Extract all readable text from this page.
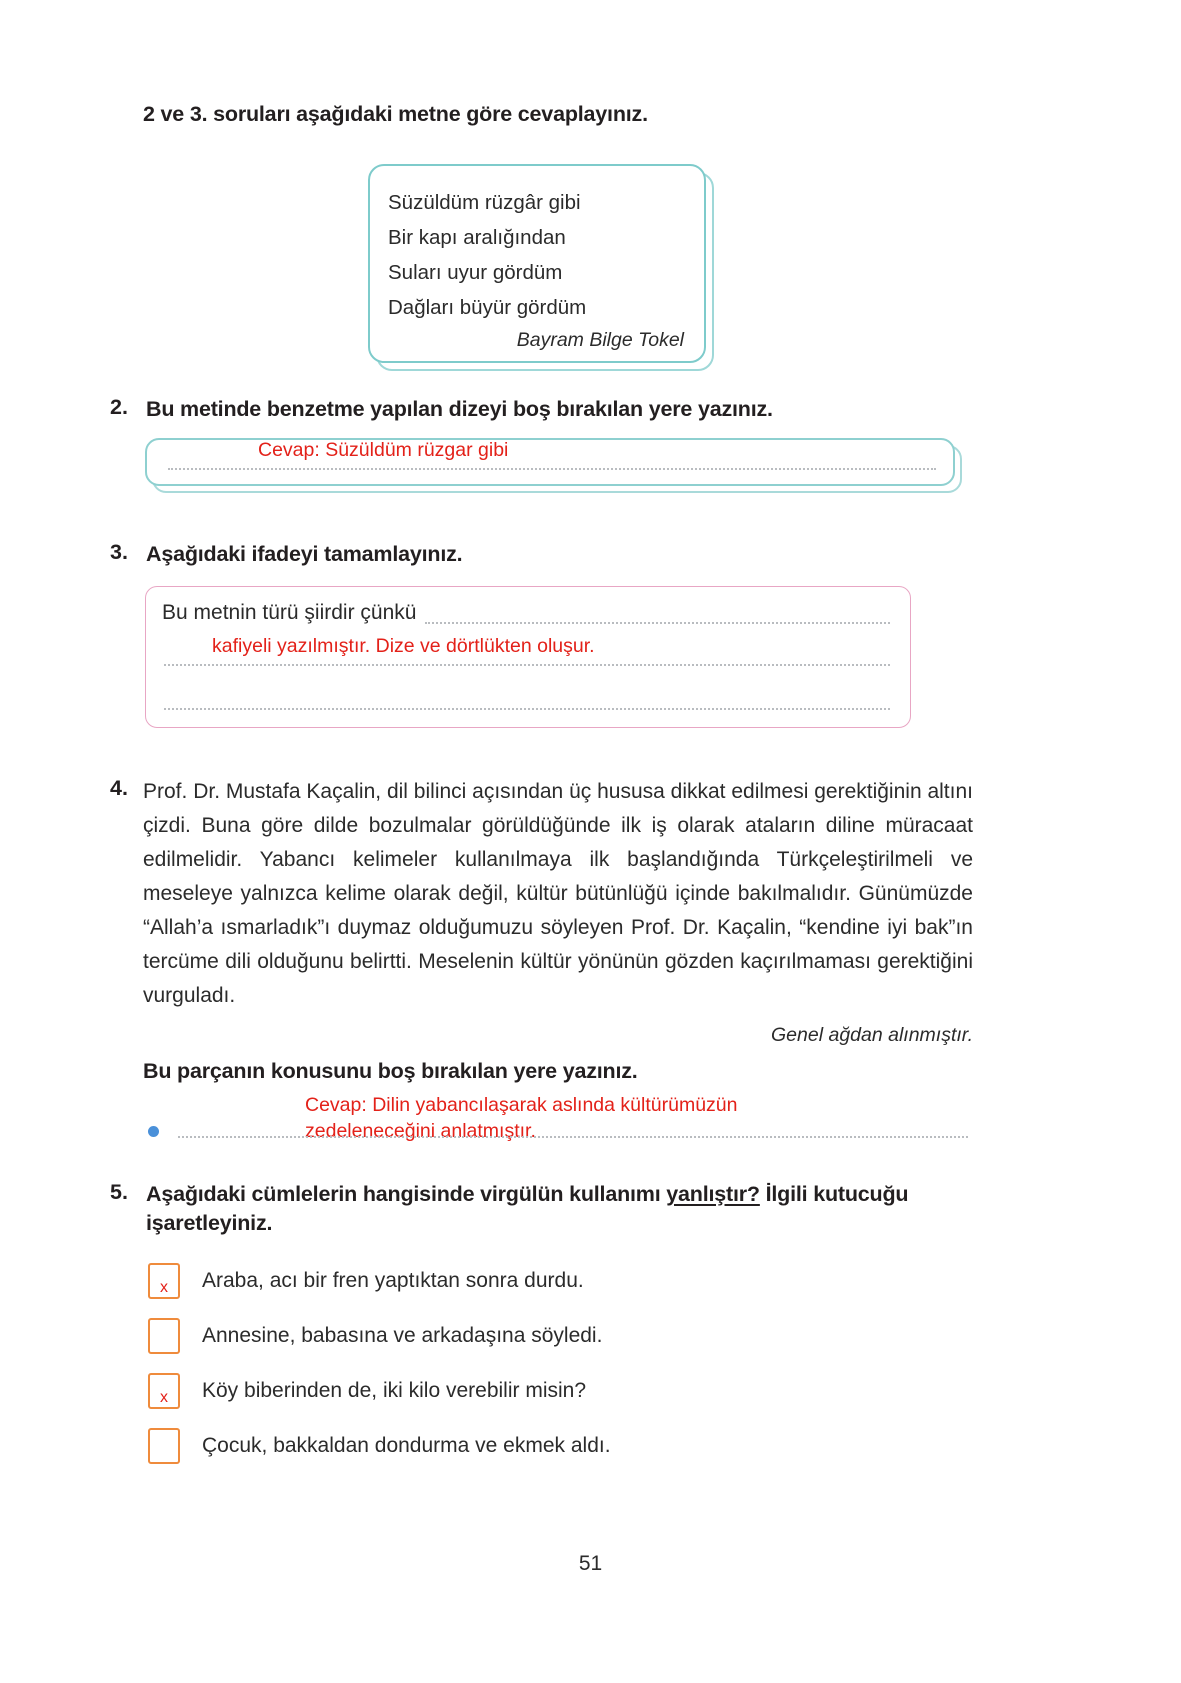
2 ve 3. soruları aşağıdaki metne göre cevaplayınız.
Süzüldüm rüzgâr gibi
Bir kapı aralığından
Suları uyur gördüm
Dağları büyür gördüm
Bayram Bilge Tokel
2. Bu metinde benzetme yapılan dizeyi boş bırakılan yere yazınız.
Cevap: Süzüldüm rüzgar gibi
3. Aşağıdaki ifadeyi tamamlayınız.
Bu metnin türü şiirdir çünkü
kafiyeli yazılmıştır. Dize ve dörtlükten oluşur.
4. Prof. Dr. Mustafa Kaçalin, dil bilinci açısından üç hususa dikkat edilmesi gerektiğinin altını çizdi. Buna göre dilde bozulmalar görüldüğünde ilk iş olarak ataların diline müracaat edilmelidir. Yabancı kelimeler kullanılmaya ilk başlandığında Türkçeleştirilmeli ve meseleye yalnızca kelime olarak değil, kültür bütünlüğü içinde bakılmalıdır. Günümüzde “Allah’a ısmarladık”ı duymaz olduğumuzu söyleyen Prof. Dr. Kaçalin, “kendine iyi bak”ın tercüme dili olduğunu belirtti. Meselenin kültür yönünün gözden kaçırılmaması gerektiğini vurguladı.

Genel ağdan alınmıştır.
Bu parçanın konusunu boş bırakılan yere yazınız.
Cevap: Dilin yabancılaşarak aslında kültürümüzün
zedeleneceğini anlatmıştır.
5. Aşağıdaki cümlelerin hangisinde virgülün kullanımı yanlıştır? İlgili kutucuğu
işaretleyiniz.
x	Araba, acı bir fren yaptıktan sonra durdu.
Annesine, babasına ve arkadaşına söyledi.
x	Köy biberinden de, iki kilo verebilir misin?
Çocuk, bakkaldan dondurma ve ekmek aldı.
51
